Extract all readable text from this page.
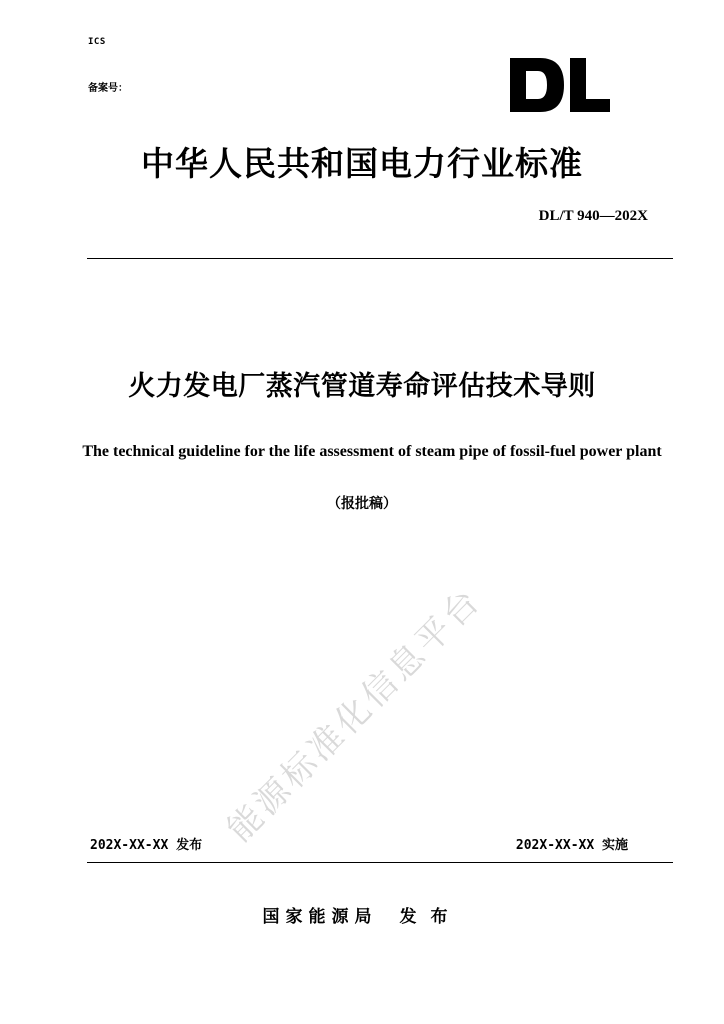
ICS
备案号：
中华人民共和国电力行业标准
DL/T 940—202X
火力发电厂蒸汽管道寿命评估技术导则
The technical guideline for the life assessment of steam pipe of fossil-fuel power plant
（报批稿）
能源标准化信息平台
202X-XX-XX 发布	202X-XX-XX 实施
国家能源局 发布
